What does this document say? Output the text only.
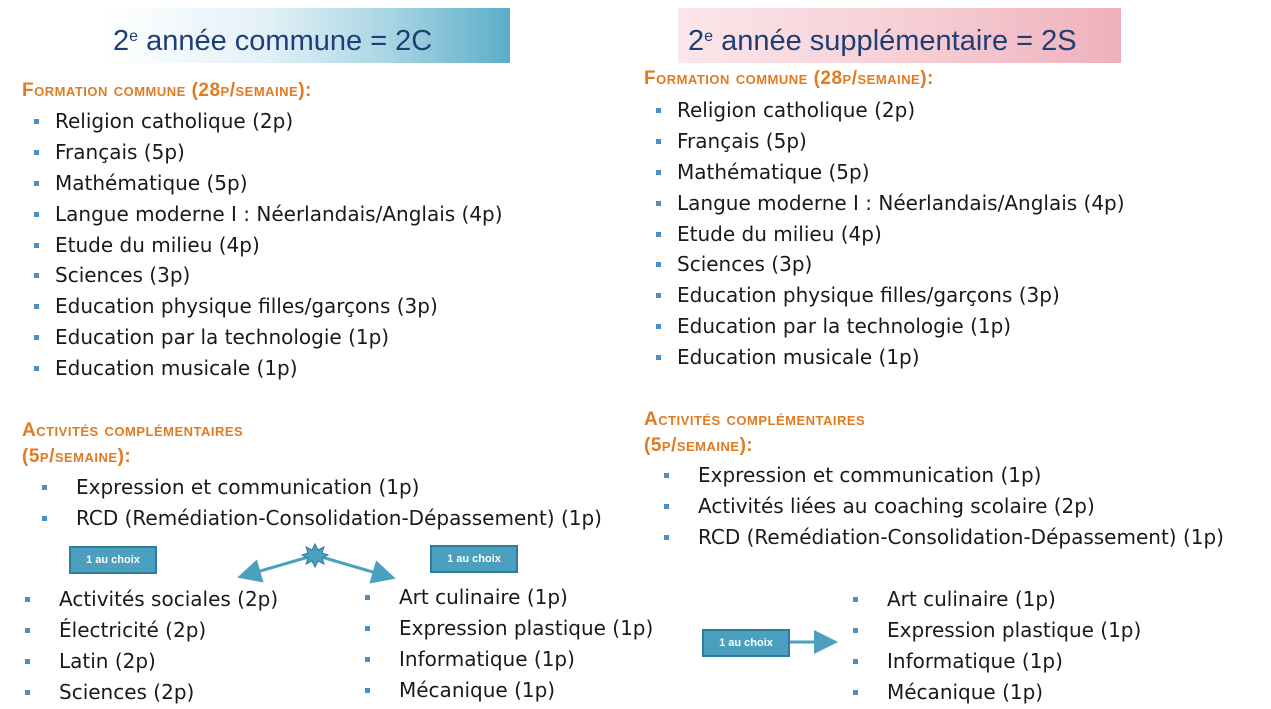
2e année commune = 2C
Formation commune (28p/semaine):
Religion catholique (2p)
Français (5p)
Mathématique (5p)
Langue moderne I : Néerlandais/Anglais (4p)
Etude du milieu (4p)
Sciences (3p)
Education physique filles/garçons (3p)
Education par la technologie (1p)
Education musicale (1p)
Activités complémentaires
(5p/semaine):
Expression et communication (1p)
RCD (Remédiation-Consolidation-Dépassement) (1p)
1 au choix	1 au choix
Activités sociales (2p)
Électricité (2p)
Latin (2p)
Sciences (2p)
Art culinaire (1p)
Expression plastique (1p)
Informatique (1p)
Mécanique (1p)
2e année supplémentaire = 2S
Formation commune (28p/semaine):
Religion catholique (2p)
Français (5p)
Mathématique (5p)
Langue moderne I : Néerlandais/Anglais (4p)
Etude du milieu (4p)
Sciences (3p)
Education physique filles/garçons (3p)
Education par la technologie (1p)
Education musicale (1p)
Activités complémentaires
(5p/semaine):
Expression et communication (1p)
Activités liées au coaching scolaire (2p)
RCD (Remédiation-Consolidation-Dépassement) (1p)
1 au choix
Art culinaire (1p)
Expression plastique (1p)
Informatique (1p)
Mécanique (1p)
